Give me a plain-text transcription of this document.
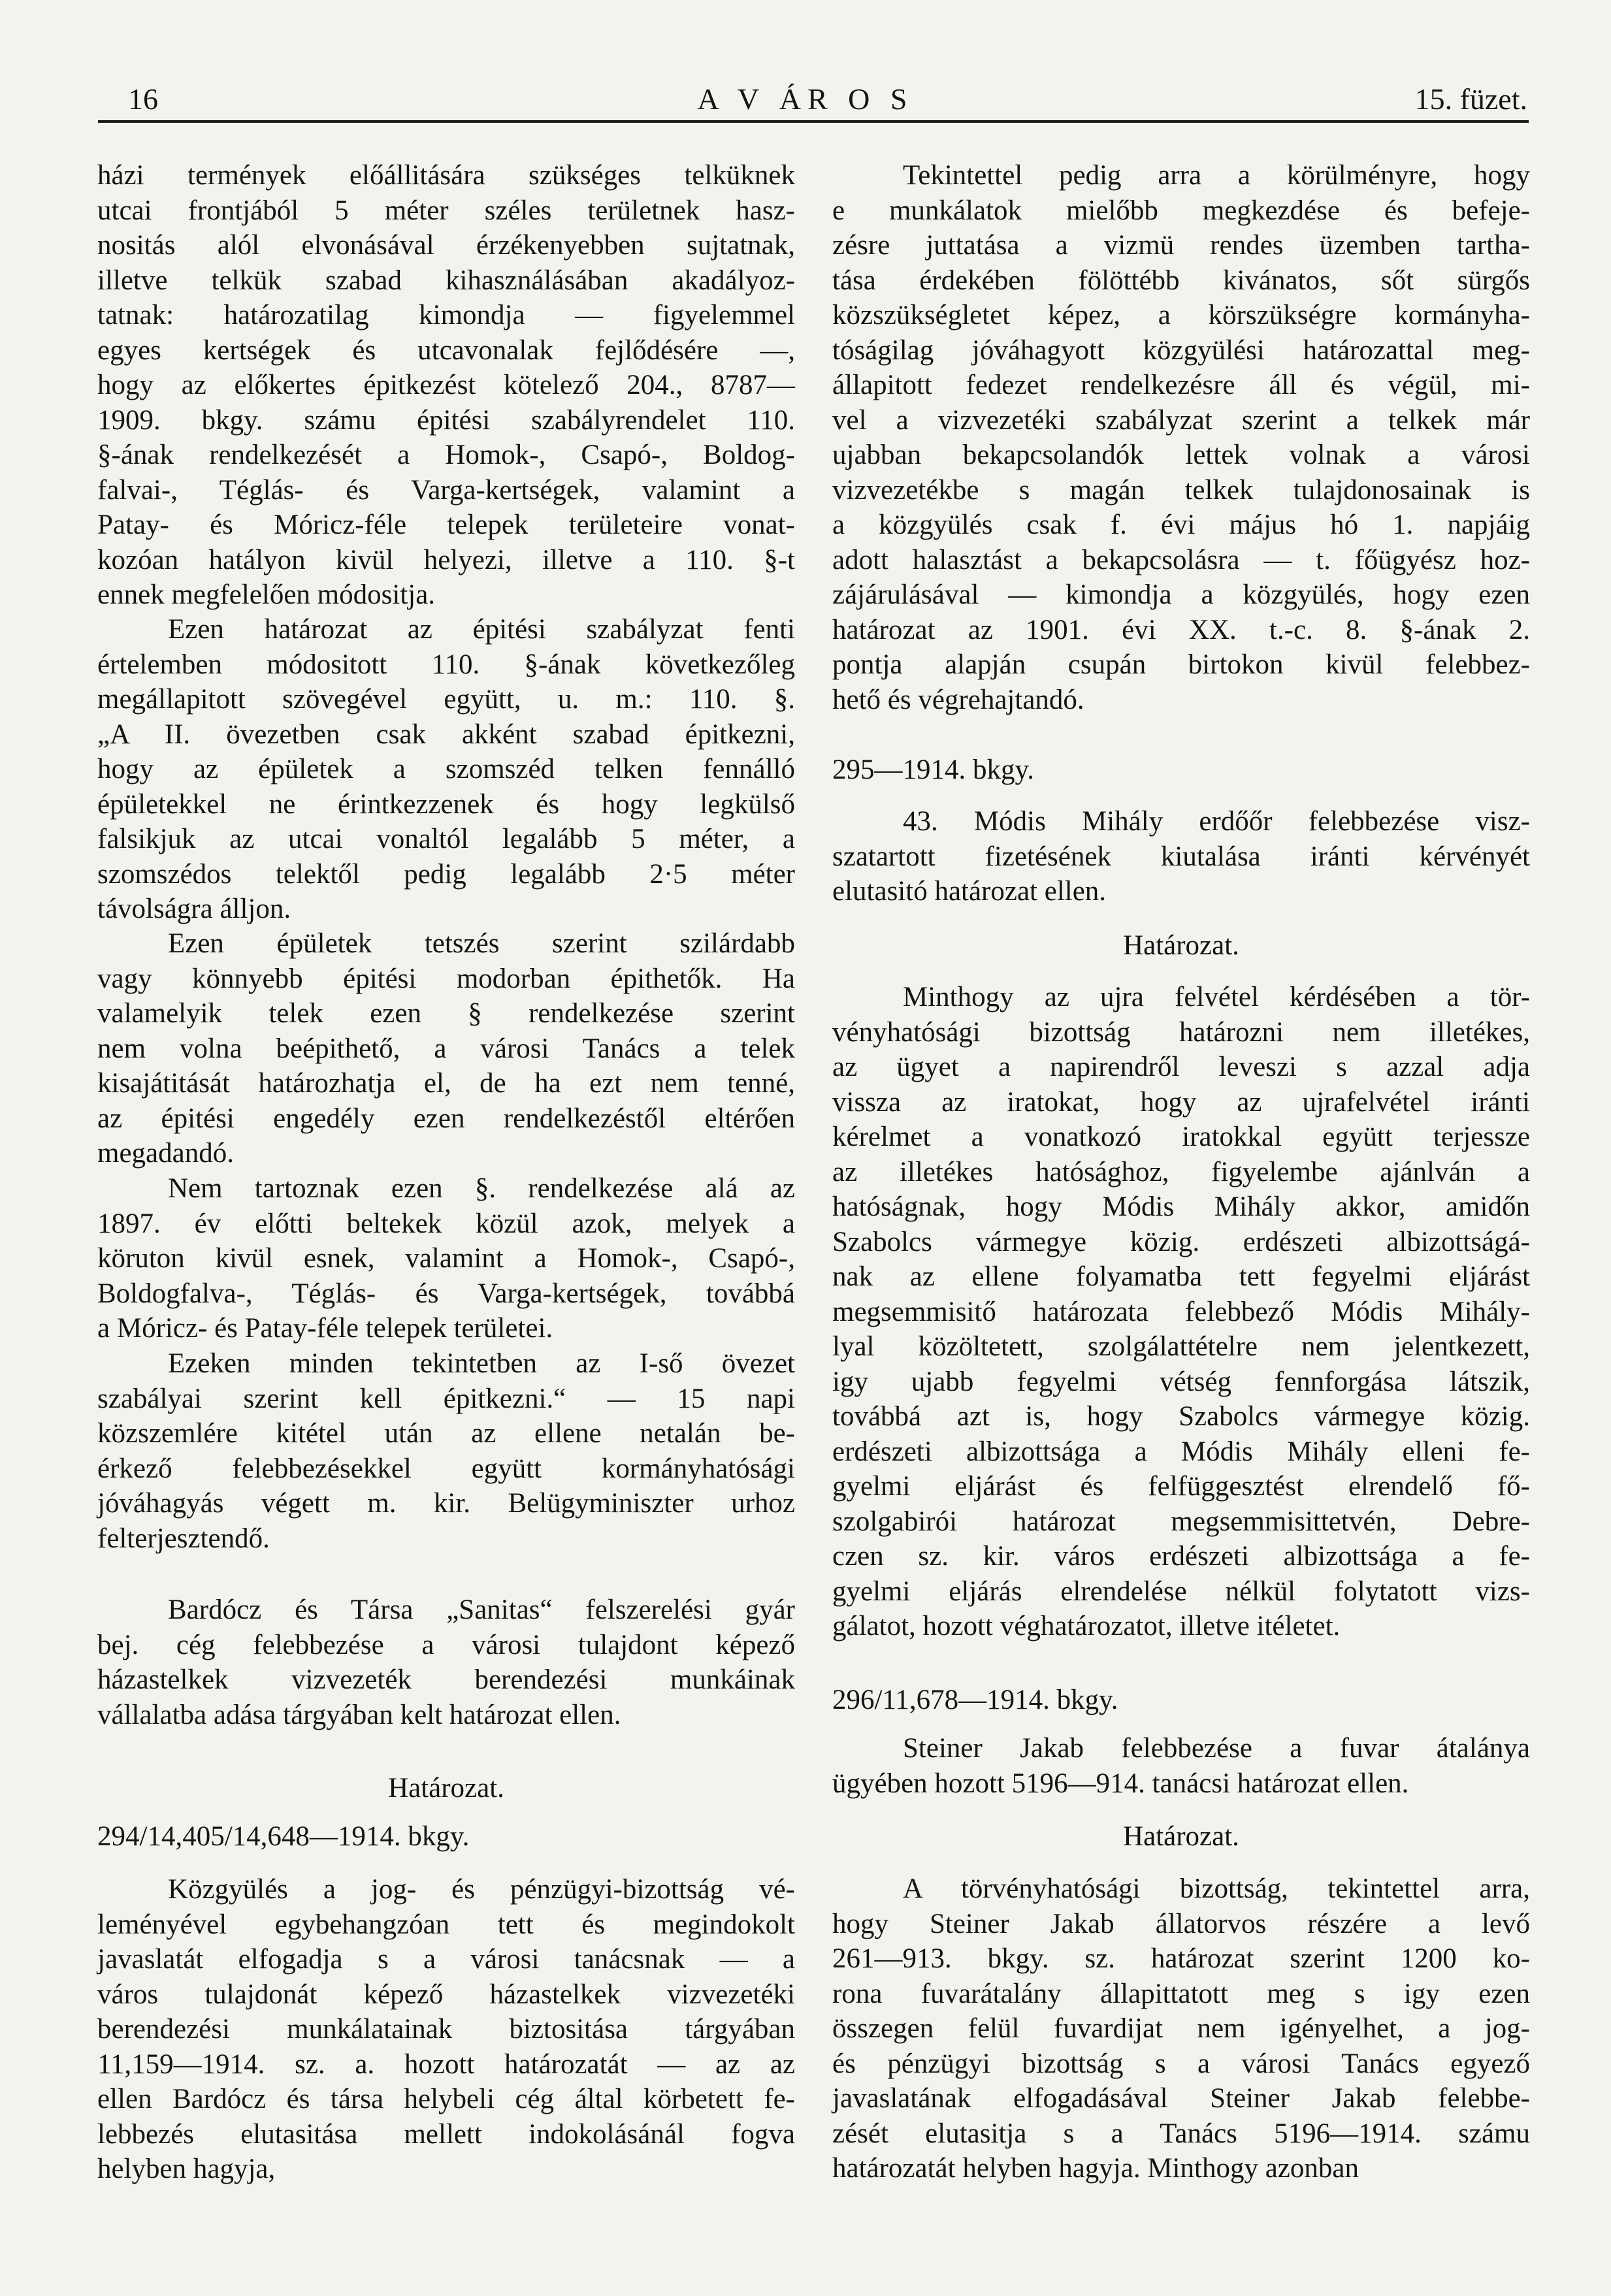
16	A V ÁR O S	15. füzet.
házi termények előállitására szükséges telküknek
utcai frontjából 5 méter széles területnek hasz-
nositás alól elvonásával érzékenyebben sujtatnak,
illetve telkük szabad kihasználásában akadályoz-
tatnak: határozatilag kimondja — figyelemmel
egyes kertségek és utcavonalak fejlődésére —,
hogy az előkertes épitkezést kötelező 204., 8787—
1909. bkgy. számu épitési szabályrendelet 110.
§-ának rendelkezését a Homok-, Csapó-, Boldog-
falvai-, Téglás- és Varga-kertségek, valamint a
Patay- és Móricz-féle telepek területeire vonat-
kozóan hatályon kivül helyezi, illetve a 110. §-t
ennek megfelelően módositja.
Ezen határozat az épitési szabályzat fenti
értelemben módositott 110. §-ának következőleg
megállapitott szövegével együtt, u. m.: 110. §.
„A II. övezetben csak akként szabad épitkezni,
hogy az épületek a szomszéd telken fennálló
épületekkel ne érintkezzenek és hogy legkülső
falsikjuk az utcai vonaltól legalább 5 méter, a
szomszédos telektől pedig legalább 2·5 méter
távolságra álljon.
Ezen épületek tetszés szerint szilárdabb
vagy könnyebb épitési modorban épithetők. Ha
valamelyik telek ezen § rendelkezése szerint
nem volna beépithető, a városi Tanács a telek
kisajátitását határozhatja el, de ha ezt nem tenné,
az épitési engedély ezen rendelkezéstől eltérően
megadandó.
Nem tartoznak ezen §. rendelkezése alá az
1897. év előtti beltekek közül azok, melyek a
köruton kivül esnek, valamint a Homok-, Csapó-,
Boldogfalva-, Téglás- és Varga-kertségek, továbbá
a Móricz- és Patay-féle telepek területei.
Ezeken minden tekintetben az I-ső övezet
szabályai szerint kell épitkezni.“ — 15 napi
közszemlére kitétel után az ellene netalán be-
érkező felebbezésekkel együtt kormányhatósági
jóváhagyás végett m. kir. Belügyminiszter urhoz
felterjesztendő.
Bardócz és Társa „Sanitas“ felszerelési gyár
bej. cég felebbezése a városi tulajdont képező
házastelkek vizvezeték berendezési munkáinak
vállalatba adása tárgyában kelt határozat ellen.
Határozat.
294/14,405/14,648—1914. bkgy.
Közgyülés a jog- és pénzügyi-bizottság vé-
leményével egybehangzóan tett és megindokolt
javaslatát elfogadja s a városi tanácsnak — a
város tulajdonát képező házastelkek vizvezetéki
berendezési munkálatainak biztositása tárgyában
11,159—1914. sz. a. hozott határozatát — az az
ellen Bardócz és társa helybeli cég által körbetett fe-
lebbezés elutasitása mellett indokolásánál fogva
helyben hagyja,
Tekintettel pedig arra a körülményre, hogy
e munkálatok mielőbb megkezdése és befeje-
zésre juttatása a vizmü rendes üzemben tartha-
tása érdekében fölöttébb kivánatos, sőt sürgős
közszükségletet képez, a körszükségre kormányha-
tóságilag jóváhagyott közgyülési határozattal meg-
állapitott fedezet rendelkezésre áll és végül, mi-
vel a vizvezetéki szabályzat szerint a telkek már
ujabban bekapcsolandók lettek volnak a városi
vizvezetékbe s magán telkek tulajdonosainak is
a közgyülés csak f. évi május hó 1. napjáig
adott halasztást a bekapcsolásra — t. főügyész hoz-
zájárulásával — kimondja a közgyülés, hogy ezen
határozat az 1901. évi XX. t.-c. 8. §-ának 2.
pontja alapján csupán birtokon kivül felebbez-
hető és végrehajtandó.
295—1914. bkgy.
43. Módis Mihály erdőőr felebbezése visz-
szatartott fizetésének kiutalása iránti kérvényét
elutasitó határozat ellen.
Határozat.
Minthogy az ujra felvétel kérdésében a tör-
vényhatósági bizottság határozni nem illetékes,
az ügyet a napirendről leveszi s azzal adja
vissza az iratokat, hogy az ujrafelvétel iránti
kérelmet a vonatkozó iratokkal együtt terjessze
az illetékes hatósághoz, figyelembe ajánlván a
hatóságnak, hogy Módis Mihály akkor, amidőn
Szabolcs vármegye közig. erdészeti albizottságá-
nak az ellene folyamatba tett fegyelmi eljárást
megsemmisitő határozata felebbező Módis Mihály-
lyal közöltetett, szolgálattételre nem jelentkezett,
igy ujabb fegyelmi vétség fennforgása látszik,
továbbá azt is, hogy Szabolcs vármegye közig.
erdészeti albizottsága a Módis Mihály elleni fe-
gyelmi eljárást és felfüggesztést elrendelő fő-
szolgabirói határozat megsemmisittetvén, Debre-
czen sz. kir. város erdészeti albizottsága a fe-
gyelmi eljárás elrendelése nélkül folytatott vizs-
gálatot, hozott véghatározatot, illetve itéletet.
296/11,678—1914. bkgy.
Steiner Jakab felebbezése a fuvar átalánya
ügyében hozott 5196—914. tanácsi határozat ellen.
Határozat.
A törvényhatósági bizottság, tekintettel arra,
hogy Steiner Jakab állatorvos részére a levő
261—913. bkgy. sz. határozat szerint 1200 ko-
rona fuvarátalány állapittatott meg s igy ezen
összegen felül fuvardijat nem igényelhet, a jog-
és pénzügyi bizottság s a városi Tanács egyező
javaslatának elfogadásával Steiner Jakab felebbe-
zését elutasitja s a Tanács 5196—1914. számu
határozatát helyben hagyja. Minthogy azonban
